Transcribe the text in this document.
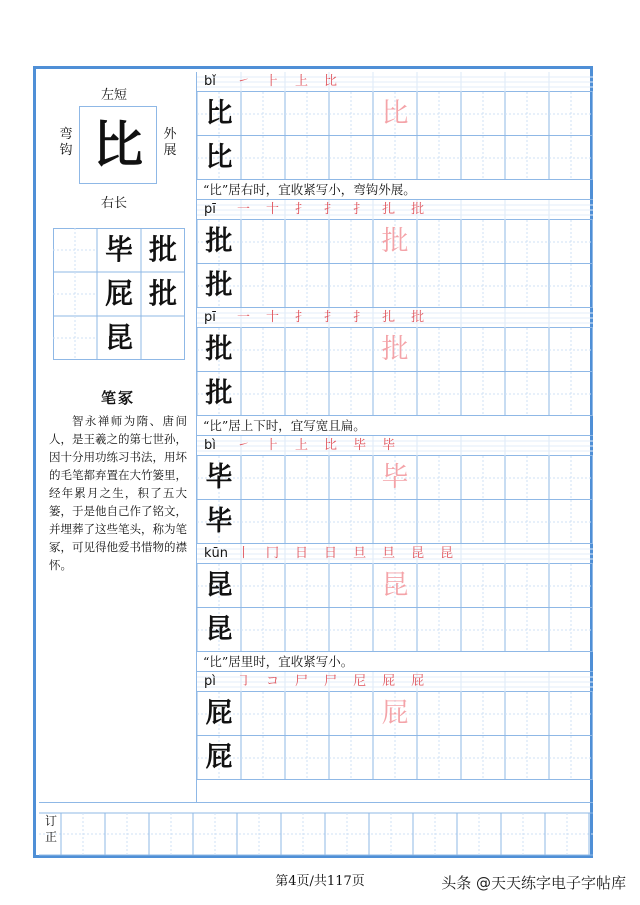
左短
右长
弯钩
外展
比
毕 批
屁 批
昆
笔冢

智永禅师为隋、唐间人，是王羲之的第七世孙，因十分用功练习书法，用坏的毛笔都弃置在大竹篓里，经年累月之生，积了五大篓，于是他自己作了铭文，并埋葬了这些笔头，称为笔冢，可见得他爱书惜物的襟怀。

bǐ ㇀ ⺊ 上 比
比	比
比
“比”居右时，宜收紧写小，弯钩外展。
pī 一 十 扌 扌 扌 扎 批
批	批
批
pī 一 十 扌 扌 扌 扎 批
批	批
批
“比”居上下时，宜写宽且扁。
bì ㇀ ⺊ 上 比 毕 毕
毕	毕
毕
kūn 丨 冂 日 日 旦 旦 昆 昆
昆	昆
昆
“比”居里时，宜收紧写小。
pì ㇆ コ 尸 尸 尼 屁 屁
屁	屁
屁
订正
第4页/共117页	头条 @天天练字电子字帖库
